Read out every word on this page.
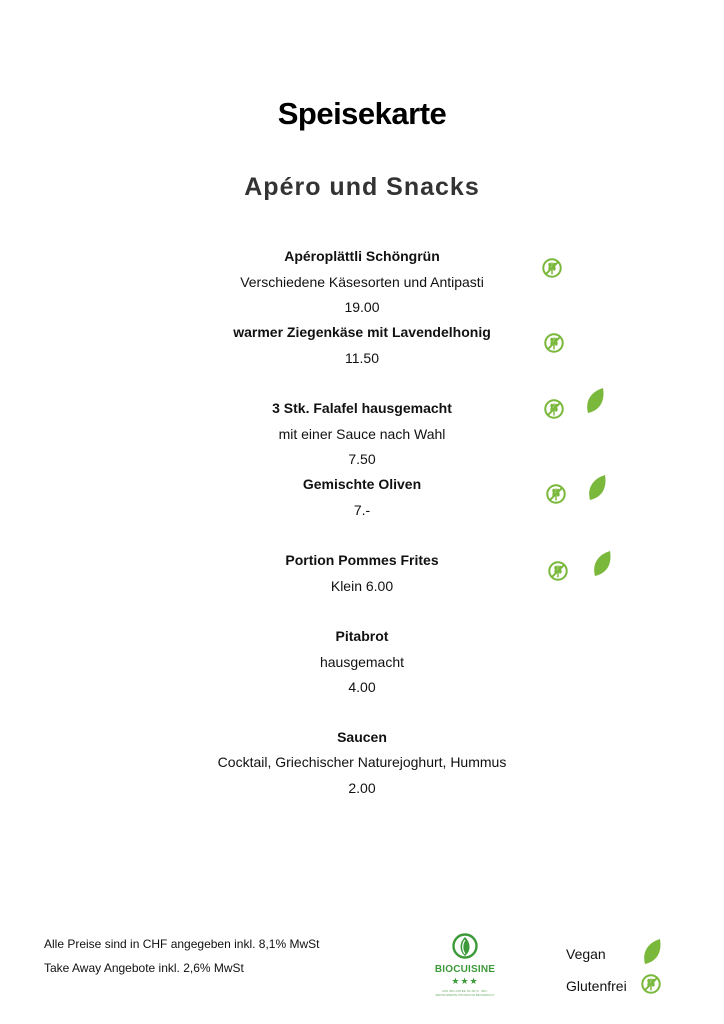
Speisekarte
Apéro und Snacks
Apéroplättli Schöngrün
Verschiedene Käsesorten und Antipasti
19.00
warmer Ziegenkäse mit Lavendelhonig
11.50
3 Stk. Falafel hausgemacht
mit einer Sauce nach Wahl
7.50
Gemischte Oliven
7.-
Portion Pommes Frites
Klein 6.00
Pitabrot
hausgemacht
4.00
Saucen
Cocktail, Griechischer Naturejoghurt, Hummus
2.00
Alle Preise sind in CHF angegeben inkl. 8,1% MwSt
Take Away Angebote inkl. 2,6% MwSt	BIOCUISINE
★★★
MIN. BIO-ANTEIL 50–90 % · BIO-ZERTIFIZIERTE PRODUKTE BEVORZUGT
Vegan
Glutenfrei
